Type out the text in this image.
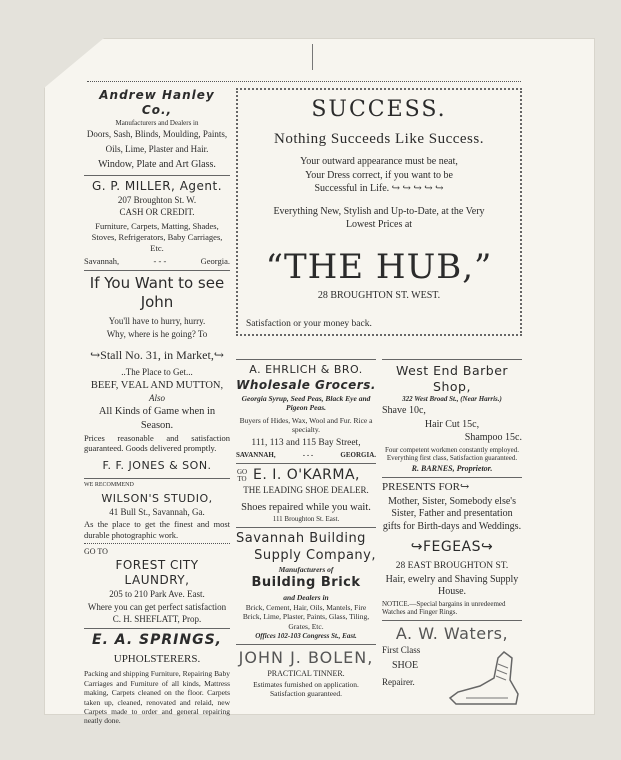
Andrew Hanley Co.,

Manufacturers and Dealers in

Doors, Sash, Blinds, Moulding, Paints,

Oils, Lime, Plaster and Hair.

Window, Plate and Art Glass.

G. P. MILLER, Agent.

207 Broughton St. W.

CASH OR CREDIT.

Furniture, Carpets, Matting, Shades, Stoves, Refrigerators, Baby Carriages, Etc.

Savannah,	- - -	Georgia.
If You Want to see John

You'll have to hurry, hurry.

Why, where is he going? To

↪Stall No. 31, in Market,↪

..The Place to Get...

BEEF, VEAL AND MUTTON,

Also

All Kinds of Game when in Season.

Prices reasonable and satisfaction guaranteed. Goods delivered promptly.

F. F. JONES & SON.

WE RECOMMEND

WILSON'S STUDIO,

41 Bull St., Savannah, Ga.

As the place to get the finest and most durable photographic work.

GO TO

FOREST CITY LAUNDRY,

205 to 210 Park Ave. East.

Where you can get perfect satisfaction

C. H. SHEFLATT, Prop.

E. A. SPRINGS,

UPHOLSTERERS.

Packing and shipping Furniture, Repairing Baby Carriages and Furniture of all kinds, Mattress making, Carpets cleaned on the floor. Carpets taken up, cleaned, renovated and relaid, new Carpets made to order and general repairing neatly done.

SUCCESS.
Nothing Succeeds Like Success.

Your outward appearance must be neat,

Your Dress correct, if you want to be

Successful in Life. ↪ ↪ ↪ ↪ ↪

Everything New, Stylish and Up-to-Date, at the Very

Lowest Prices at

“THE HUB,”

28 BROUGHTON ST. WEST.

Satisfaction or your money back.

A. EHRLICH & BRO.

Wholesale Grocers.

Georgia Syrup, Seed Peas, Black Eye and Pigeon Peas.

Buyers of Hides, Wax, Wool and Fur. Rice a specialty.

111, 113 and 115 Bay Street,

SAVANNAH,	- - -	GEORGIA.
GO TO E. I. O'KARMA,

THE LEADING SHOE DEALER.

Shoes repaired while you wait.

111 Broughton St. East.

Savannah Building

Supply Company,

Manufacturers of

Building Brick

and Dealers in

Brick, Cement, Hair, Oils, Mantels, Fire Brick, Lime, Plaster, Paints, Glass, Tiling, Grates, Etc.

Offices 102-103 Congress St., East.

JOHN J. BOLEN,

PRACTICAL TINNER.

Estimates furnished on application. Satisfaction guaranteed.

West End Barber Shop,

322 West Broad St., (Near Harris.)

Shave 10c,

Hair Cut 15c,

Shampoo 15c.

Four competent workmen constantly employed. Everything first class, Satisfaction guaranteed.

R. BARNES, Proprietor.

PRESENTS FOR↪

Mother, Sister, Somebody else's Sister, Father and presentation gifts for Birth-days and Weddings.

↪FEGEAS↪

28 EAST BROUGHTON ST.

Hair, ewelry and Shaving Supply House.

NOTICE.—Special bargains in unredeemed Watches and Finger Rings.

A. W. Waters,

First Class

SHOE

Repairer.
